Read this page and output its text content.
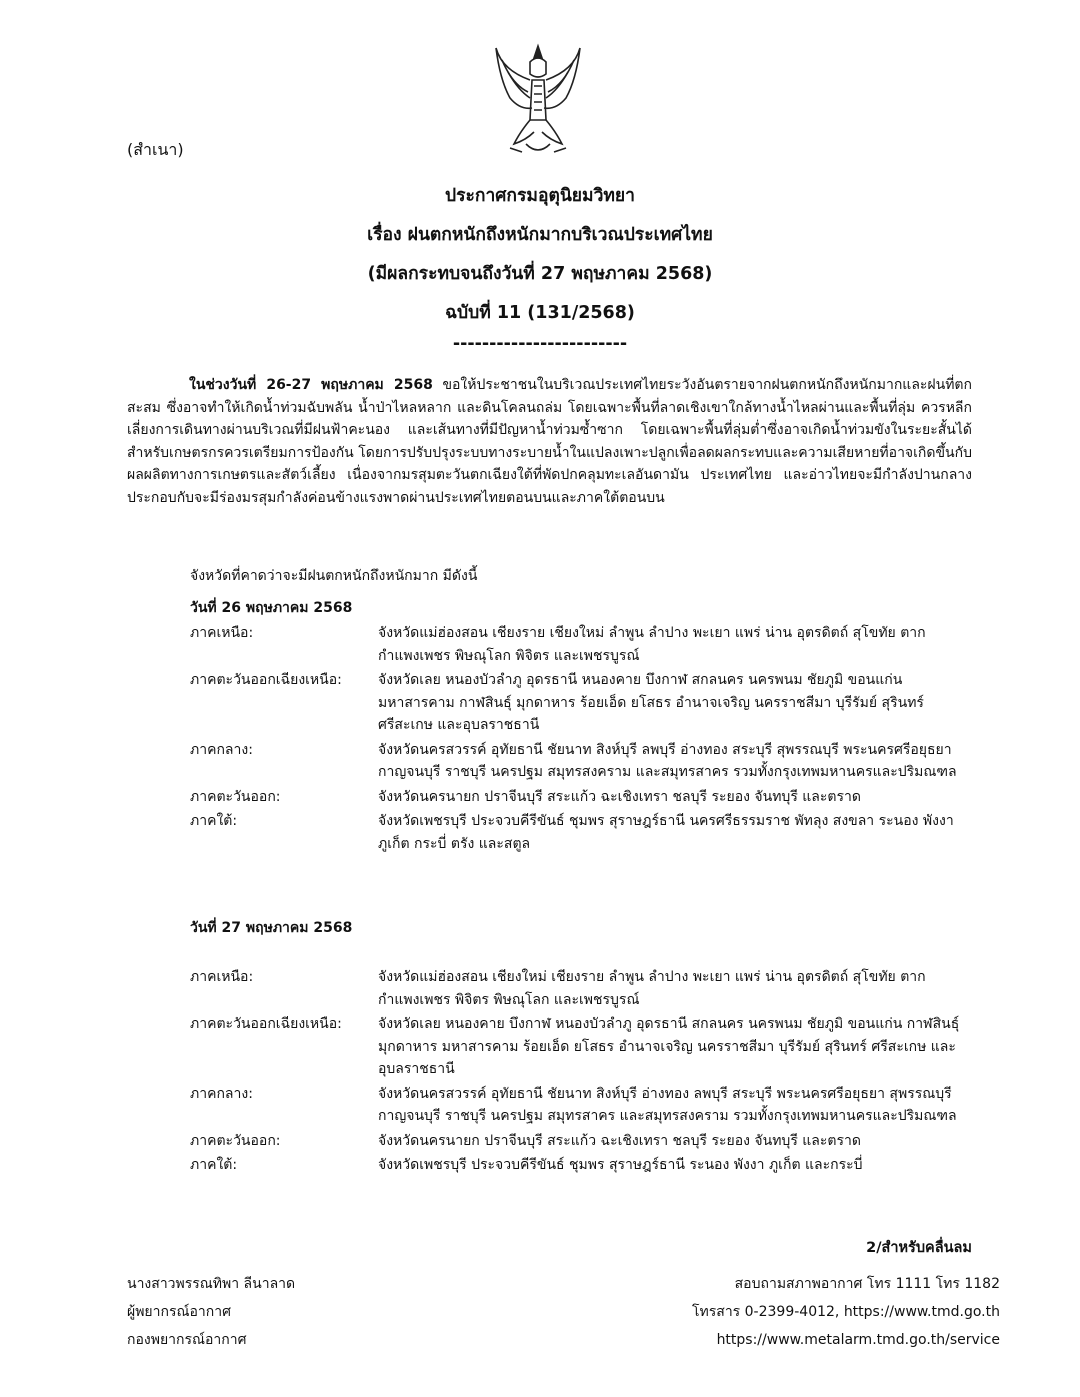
(สำเนา)
ประกาศกรมอุตุนิยมวิทยา
เรื่อง ฝนตกหนักถึงหนักมากบริเวณประเทศไทย
(มีผลกระทบจนถึงวันที่ 27 พฤษภาคม 2568)
ฉบับที่ 11 (131/2568)
------------------------
ในช่วงวันที่ 26-27 พฤษภาคม 2568 ขอให้ประชาชนในบริเวณประเทศไทยระวังอันตรายจากฝนตกหนักถึงหนักมากและฝนที่ตกสะสม ซึ่งอาจทำให้เกิดน้ำท่วมฉับพลัน น้ำป่าไหลหลาก และดินโคลนถล่ม โดยเฉพาะพื้นที่ลาดเชิงเขาใกล้ทางน้ำไหลผ่านและพื้นที่ลุ่ม ควรหลีกเลี่ยงการเดินทางผ่านบริเวณที่มีฝนฟ้าคะนอง และเส้นทางที่มีปัญหาน้ำท่วมซ้ำซาก โดยเฉพาะพื้นที่ลุ่มต่ำซึ่งอาจเกิดน้ำท่วมขังในระยะสั้นได้ สำหรับเกษตรกรควรเตรียมการป้องกัน โดยการปรับปรุงระบบทางระบายน้ำในแปลงเพาะปลูกเพื่อลดผลกระทบและความเสียหายที่อาจเกิดขึ้นกับผลผลิตทางการเกษตรและสัตว์เลี้ยง เนื่องจากมรสุมตะวันตกเฉียงใต้ที่พัดปกคลุมทะเลอันดามัน ประเทศไทย และอ่าวไทยจะมีกำลังปานกลาง ประกอบกับจะมีร่องมรสุมกำลังค่อนข้างแรงพาดผ่านประเทศไทยตอนบนและภาคใต้ตอนบน
จังหวัดที่คาดว่าจะมีฝนตกหนักถึงหนักมาก มีดังนี้
วันที่ 26 พฤษภาคม 2568
ภาคเหนือ:	จังหวัดแม่ฮ่องสอน เชียงราย เชียงใหม่ ลำพูน ลำปาง พะเยา แพร่ น่าน อุตรดิตถ์ สุโขทัย ตาก กำแพงเพชร พิษณุโลก พิจิตร และเพชรบูรณ์
ภาคตะวันออกเฉียงเหนือ:	จังหวัดเลย หนองบัวลำภู อุดรธานี หนองคาย บึงกาฬ สกลนคร นครพนม ชัยภูมิ ขอนแก่น มหาสารคาม กาฬสินธุ์ มุกดาหาร ร้อยเอ็ด ยโสธร อำนาจเจริญ นครราชสีมา บุรีรัมย์ สุรินทร์ ศรีสะเกษ และอุบลราชธานี
ภาคกลาง:	จังหวัดนครสวรรค์ อุทัยธานี ชัยนาท สิงห์บุรี ลพบุรี อ่างทอง สระบุรี สุพรรณบุรี พระนครศรีอยุธยา กาญจนบุรี ราชบุรี นครปฐม สมุทรสงคราม และสมุทรสาคร รวมทั้งกรุงเทพมหานครและปริมณฑล
ภาคตะวันออก:	จังหวัดนครนายก ปราจีนบุรี สระแก้ว ฉะเชิงเทรา ชลบุรี ระยอง จันทบุรี และตราด
ภาคใต้:	จังหวัดเพชรบุรี ประจวบคีรีขันธ์ ชุมพร สุราษฎร์ธานี นครศรีธรรมราช พัทลุง สงขลา ระนอง พังงา ภูเก็ต กระบี่ ตรัง และสตูล
วันที่ 27 พฤษภาคม 2568
ภาคเหนือ:	จังหวัดแม่ฮ่องสอน เชียงใหม่ เชียงราย ลำพูน ลำปาง พะเยา แพร่ น่าน อุตรดิตถ์ สุโขทัย ตาก กำแพงเพชร พิจิตร พิษณุโลก และเพชรบูรณ์
ภาคตะวันออกเฉียงเหนือ:	จังหวัดเลย หนองคาย บึงกาฬ หนองบัวลำภู อุดรธานี สกลนคร นครพนม ชัยภูมิ ขอนแก่น กาฬสินธุ์ มุกดาหาร มหาสารคาม ร้อยเอ็ด ยโสธร อำนาจเจริญ นครราชสีมา บุรีรัมย์ สุรินทร์ ศรีสะเกษ และอุบลราชธานี
ภาคกลาง:	จังหวัดนครสวรรค์ อุทัยธานี ชัยนาท สิงห์บุรี อ่างทอง ลพบุรี สระบุรี พระนครศรีอยุธยา สุพรรณบุรี กาญจนบุรี ราชบุรี นครปฐม สมุทรสาคร และสมุทรสงคราม รวมทั้งกรุงเทพมหานครและปริมณฑล
ภาคตะวันออก:	จังหวัดนครนายก ปราจีนบุรี สระแก้ว ฉะเชิงเทรา ชลบุรี ระยอง จันทบุรี และตราด
ภาคใต้:	จังหวัดเพชรบุรี ประจวบคีรีขันธ์ ชุมพร สุราษฎร์ธานี ระนอง พังงา ภูเก็ต และกระบี่
2/สำหรับคลื่นลม
นางสาวพรรณทิพา ลีนาลาด
ผู้พยากรณ์อากาศ
กองพยากรณ์อากาศ
สอบถามสภาพอากาศ โทร 1111 โทร 1182
โทรสาร 0-2399-4012, https://www.tmd.go.th
https://www.metalarm.tmd.go.th/service
